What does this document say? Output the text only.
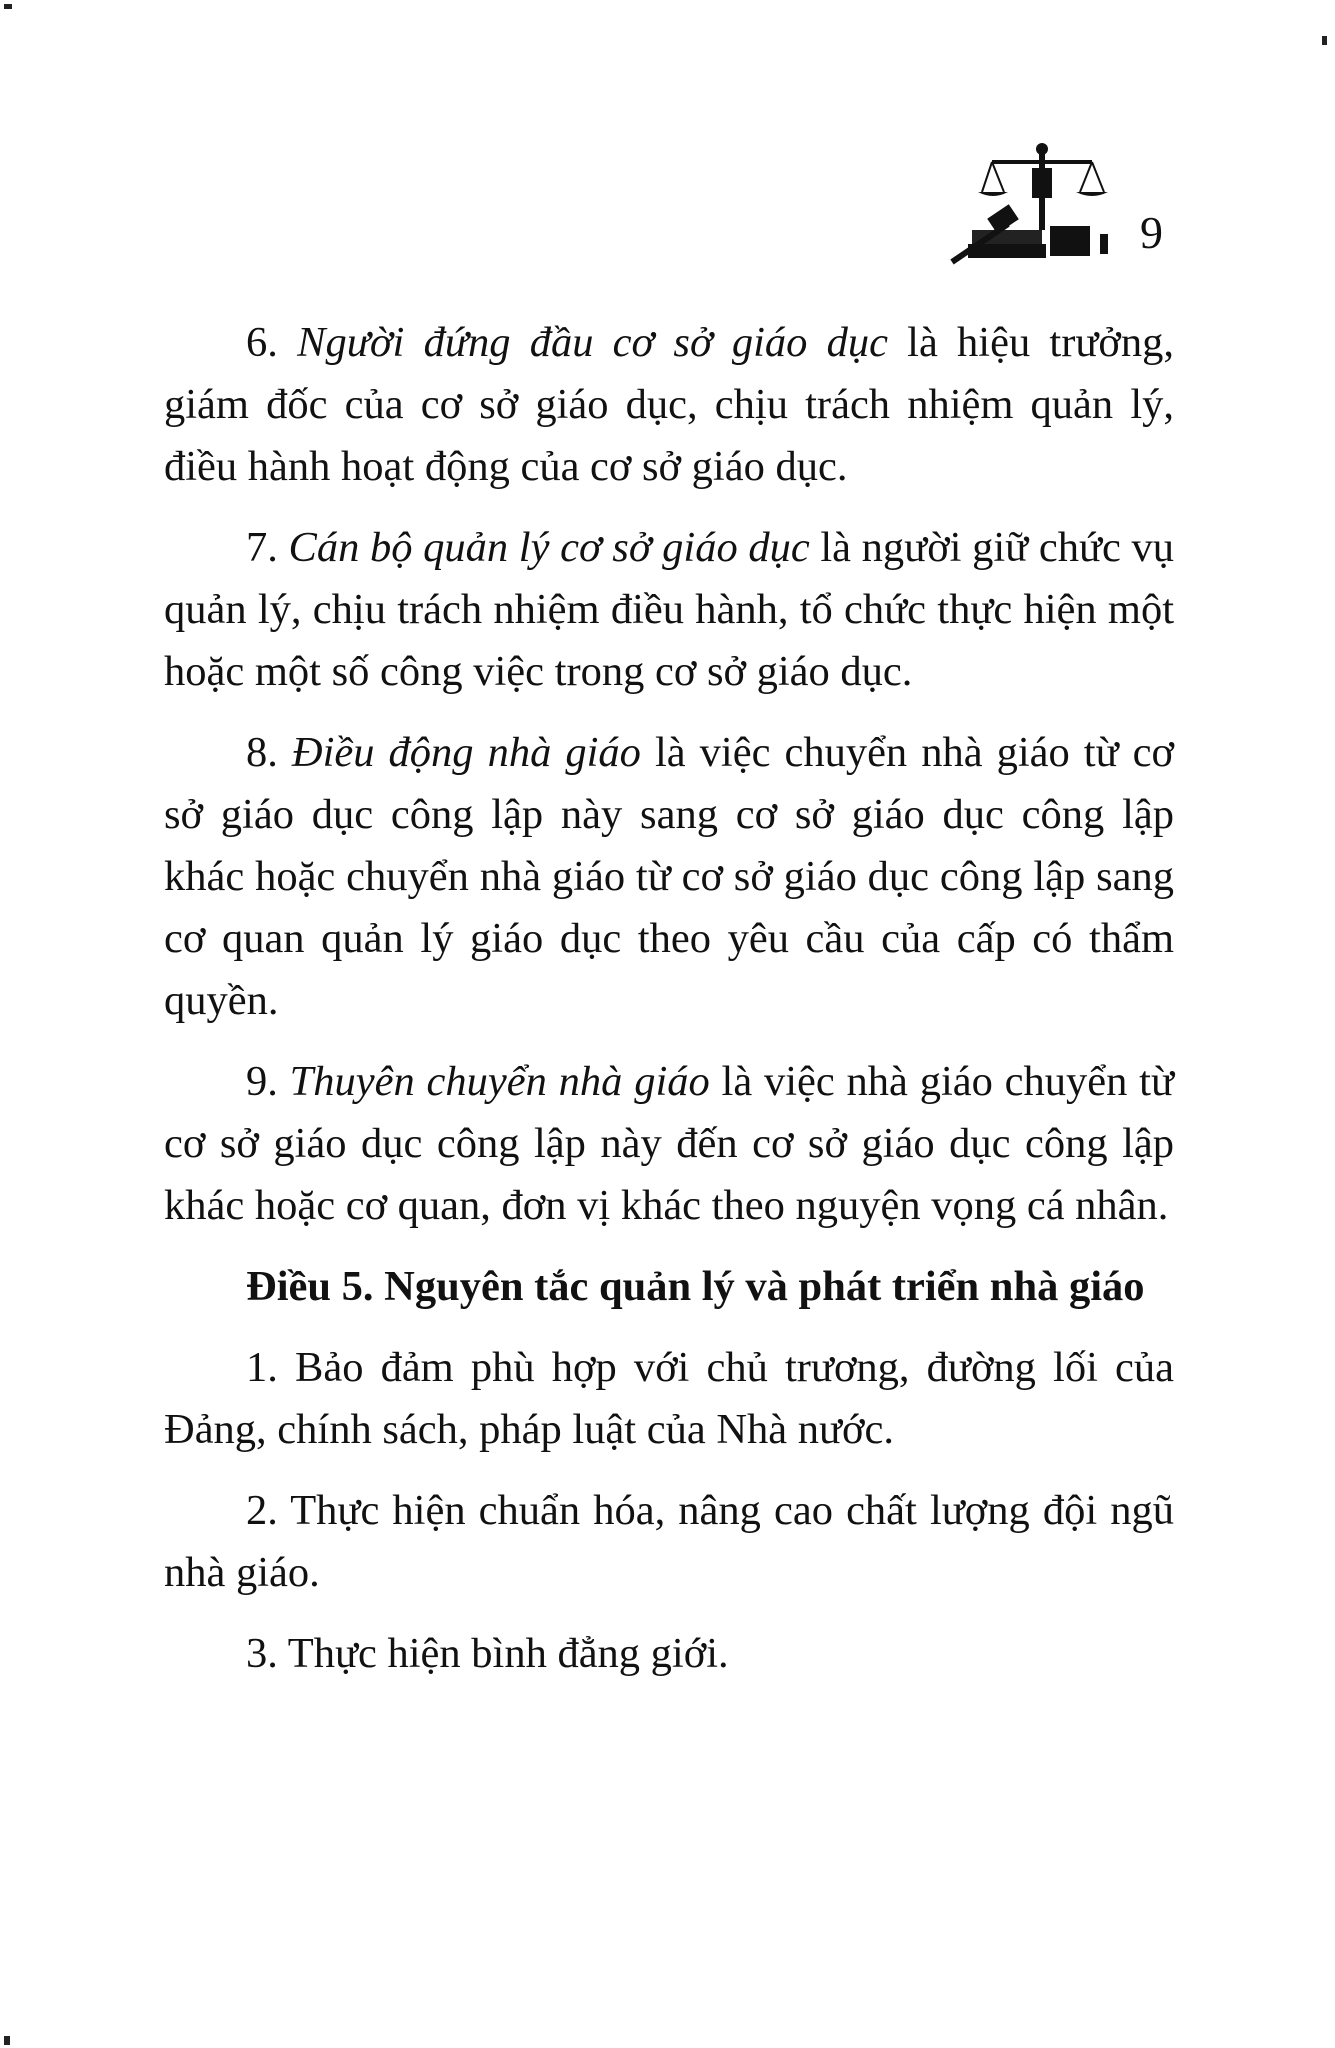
9

6. Người đứng đầu cơ sở giáo dục là hiệu trưởng, giám đốc của cơ sở giáo dục, chịu trách nhiệm quản lý, điều hành hoạt động của cơ sở giáo dục.

7. Cán bộ quản lý cơ sở giáo dục là người giữ chức vụ quản lý, chịu trách nhiệm điều hành, tổ chức thực hiện một hoặc một số công việc trong cơ sở giáo dục.

8. Điều động nhà giáo là việc chuyển nhà giáo từ cơ sở giáo dục công lập này sang cơ sở giáo dục công lập khác hoặc chuyển nhà giáo từ cơ sở giáo dục công lập sang cơ quan quản lý giáo dục theo yêu cầu của cấp có thẩm quyền.

9. Thuyên chuyển nhà giáo là việc nhà giáo chuyển từ cơ sở giáo dục công lập này đến cơ sở giáo dục công lập khác hoặc cơ quan, đơn vị khác theo nguyện vọng cá nhân.

Điều 5. Nguyên tắc quản lý và phát triển nhà giáo

1. Bảo đảm phù hợp với chủ trương, đường lối của Đảng, chính sách, pháp luật của Nhà nước.

2. Thực hiện chuẩn hóa, nâng cao chất lượng đội ngũ nhà giáo.

3. Thực hiện bình đẳng giới.
